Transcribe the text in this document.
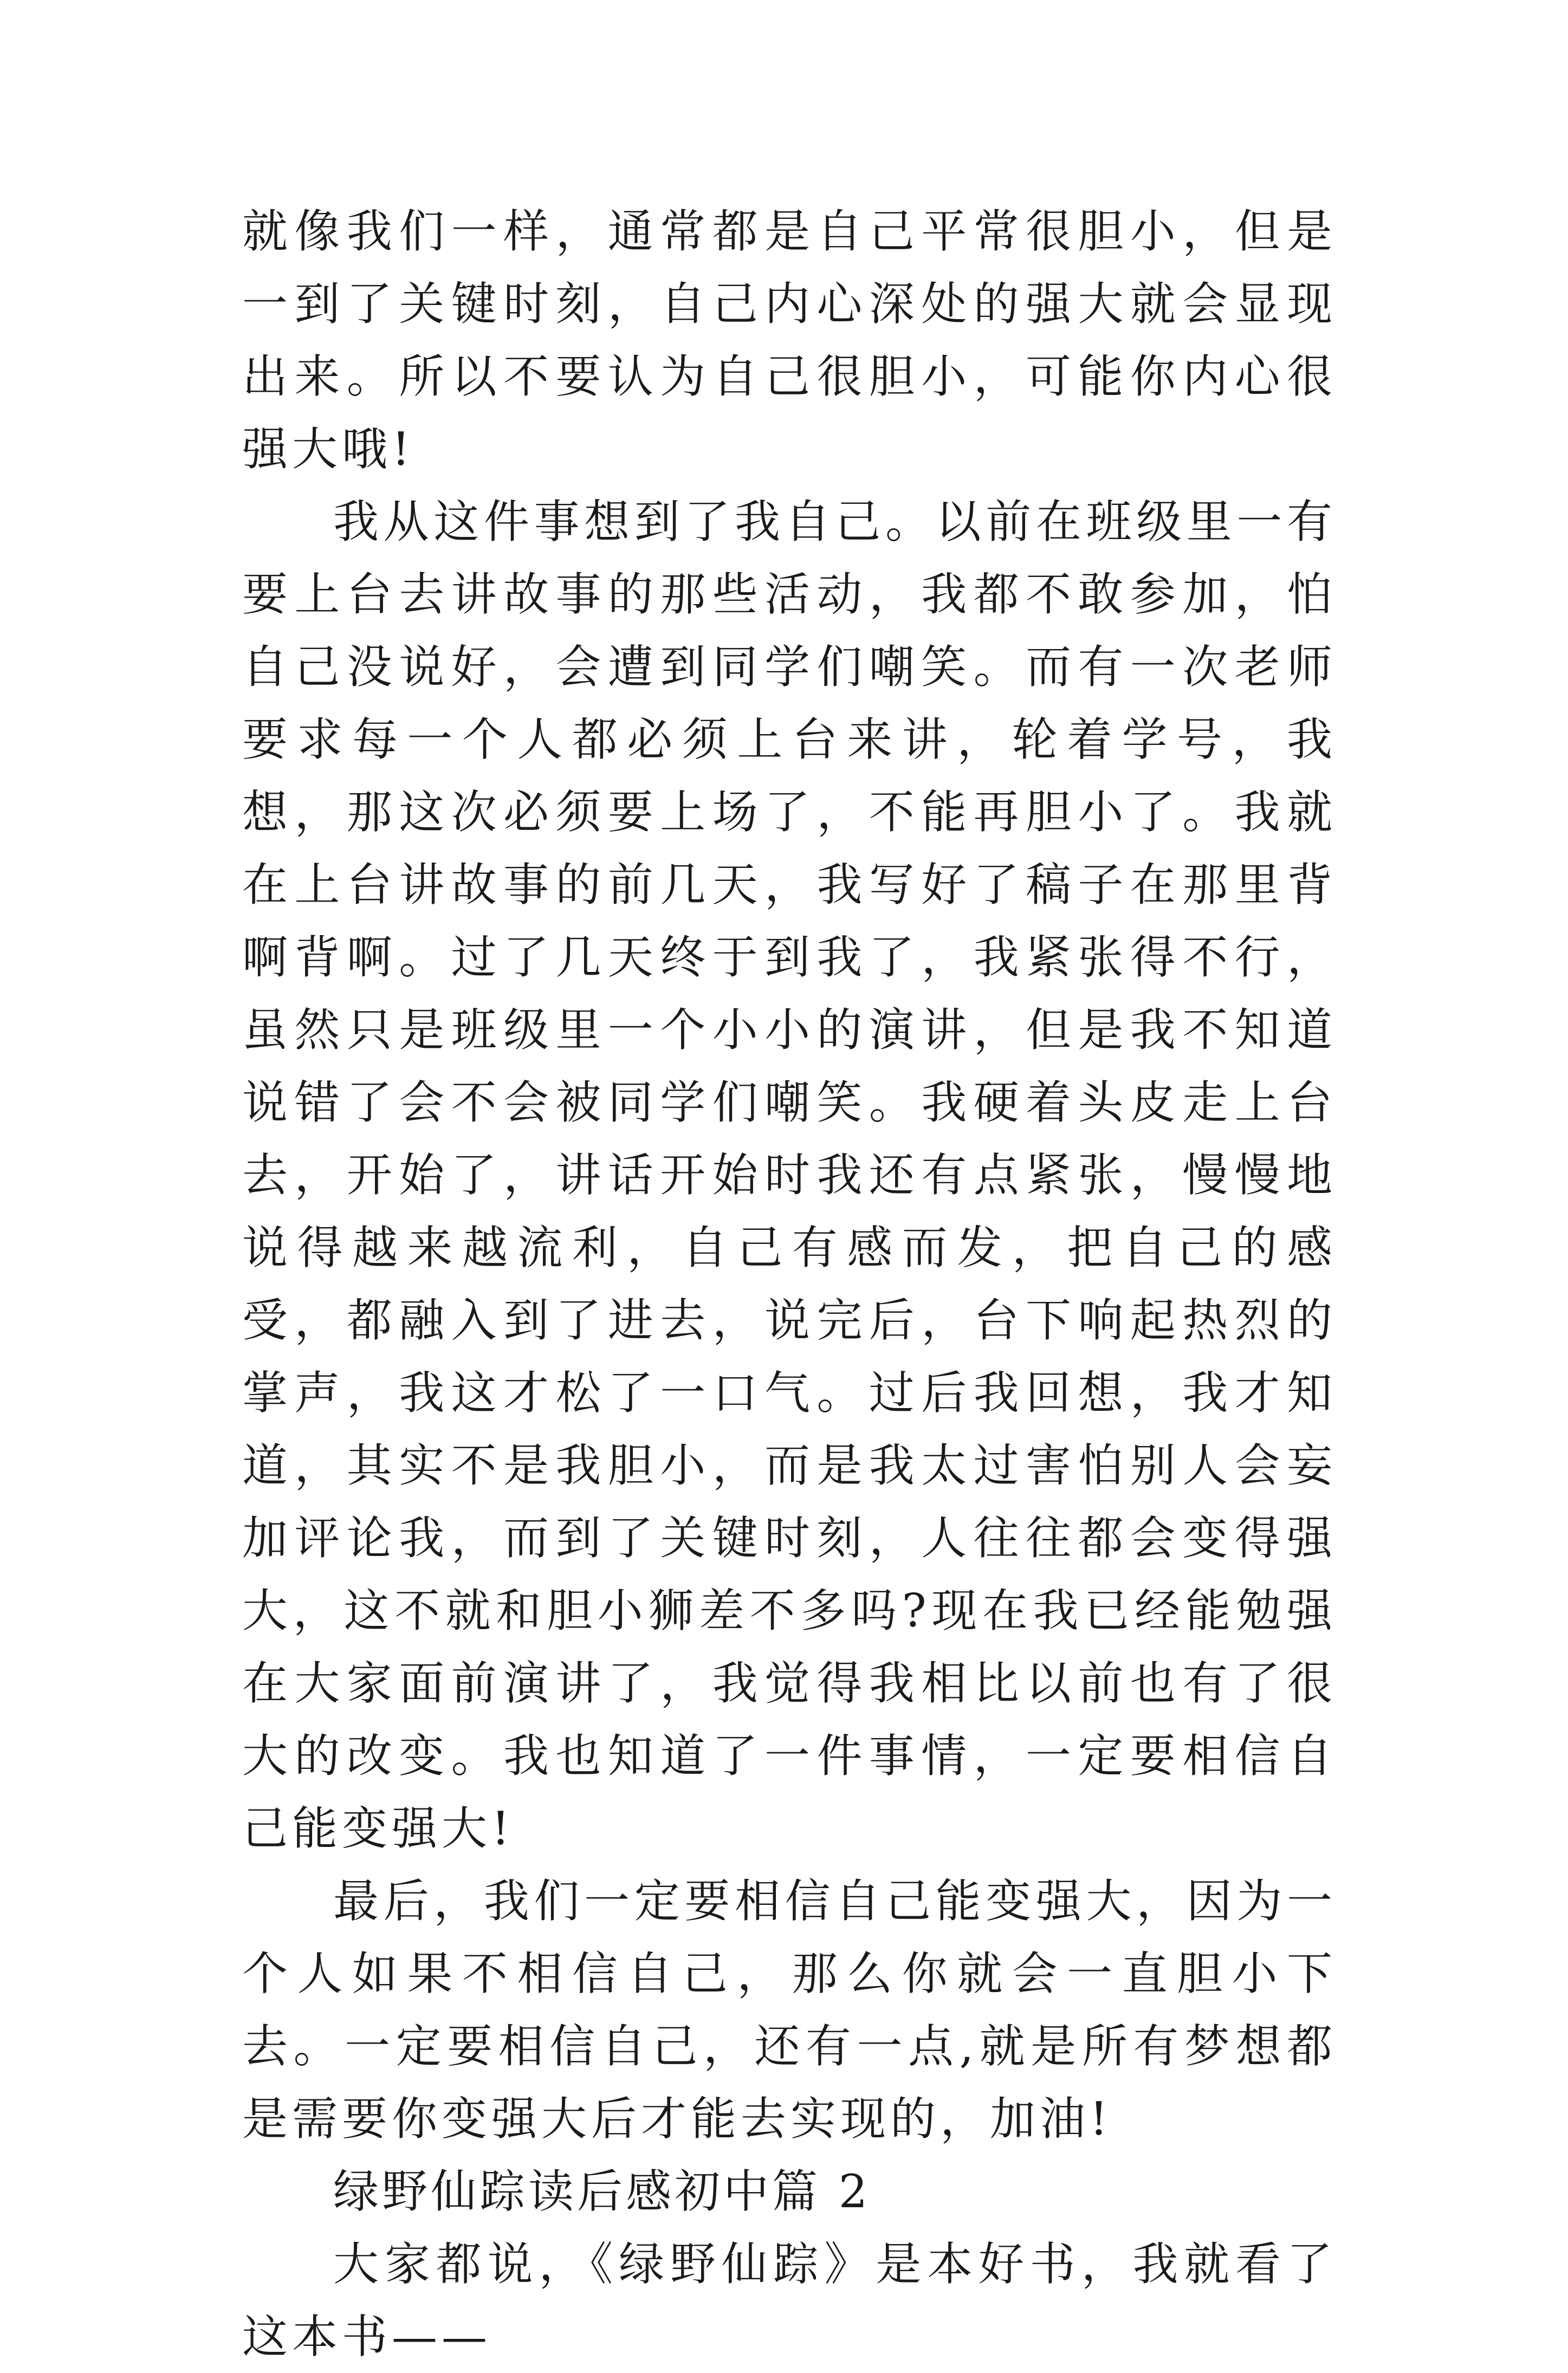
就像我们一样，通常都是自己平常很胆小，但是一到了关键时刻，自己内心深处的强大就会显现出来。所以不要认为自己很胆小，可能你内心很强大哦!

我从这件事想到了我自己。以前在班级里一有要上台去讲故事的那些活动，我都不敢参加，怕自己没说好，会遭到同学们嘲笑。而有一次老师要求每一个人都必须上台来讲，轮着学号，我想，那这次必须要上场了，不能再胆小了。我就在上台讲故事的前几天，我写好了稿子在那里背啊背啊。过了几天终于到我了，我紧张得不行，虽然只是班级里一个小小的演讲，但是我不知道说错了会不会被同学们嘲笑。我硬着头皮走上台去，开始了，讲话开始时我还有点紧张，慢慢地说得越来越流利，自己有感而发，把自己的感受，都融入到了进去，说完后，台下响起热烈的掌声，我这才松了一口气。过后我回想，我才知道，其实不是我胆小，而是我太过害怕别人会妄加评论我，而到了关键时刻，人往往都会变得强大，这不就和胆小狮差不多吗?现在我已经能勉强在大家面前演讲了，我觉得我相比以前也有了很大的改变。我也知道了一件事情，一定要相信自己能变强大!

最后，我们一定要相信自己能变强大，因为一个人如果不相信自己，那么你就会一直胆小下去。一定要相信自己，还有一点,就是所有梦想都是需要你变强大后才能去实现的，加油!

绿野仙踪读后感初中篇 2

大家都说，《绿野仙踪》是本好书，我就看了这本书——
